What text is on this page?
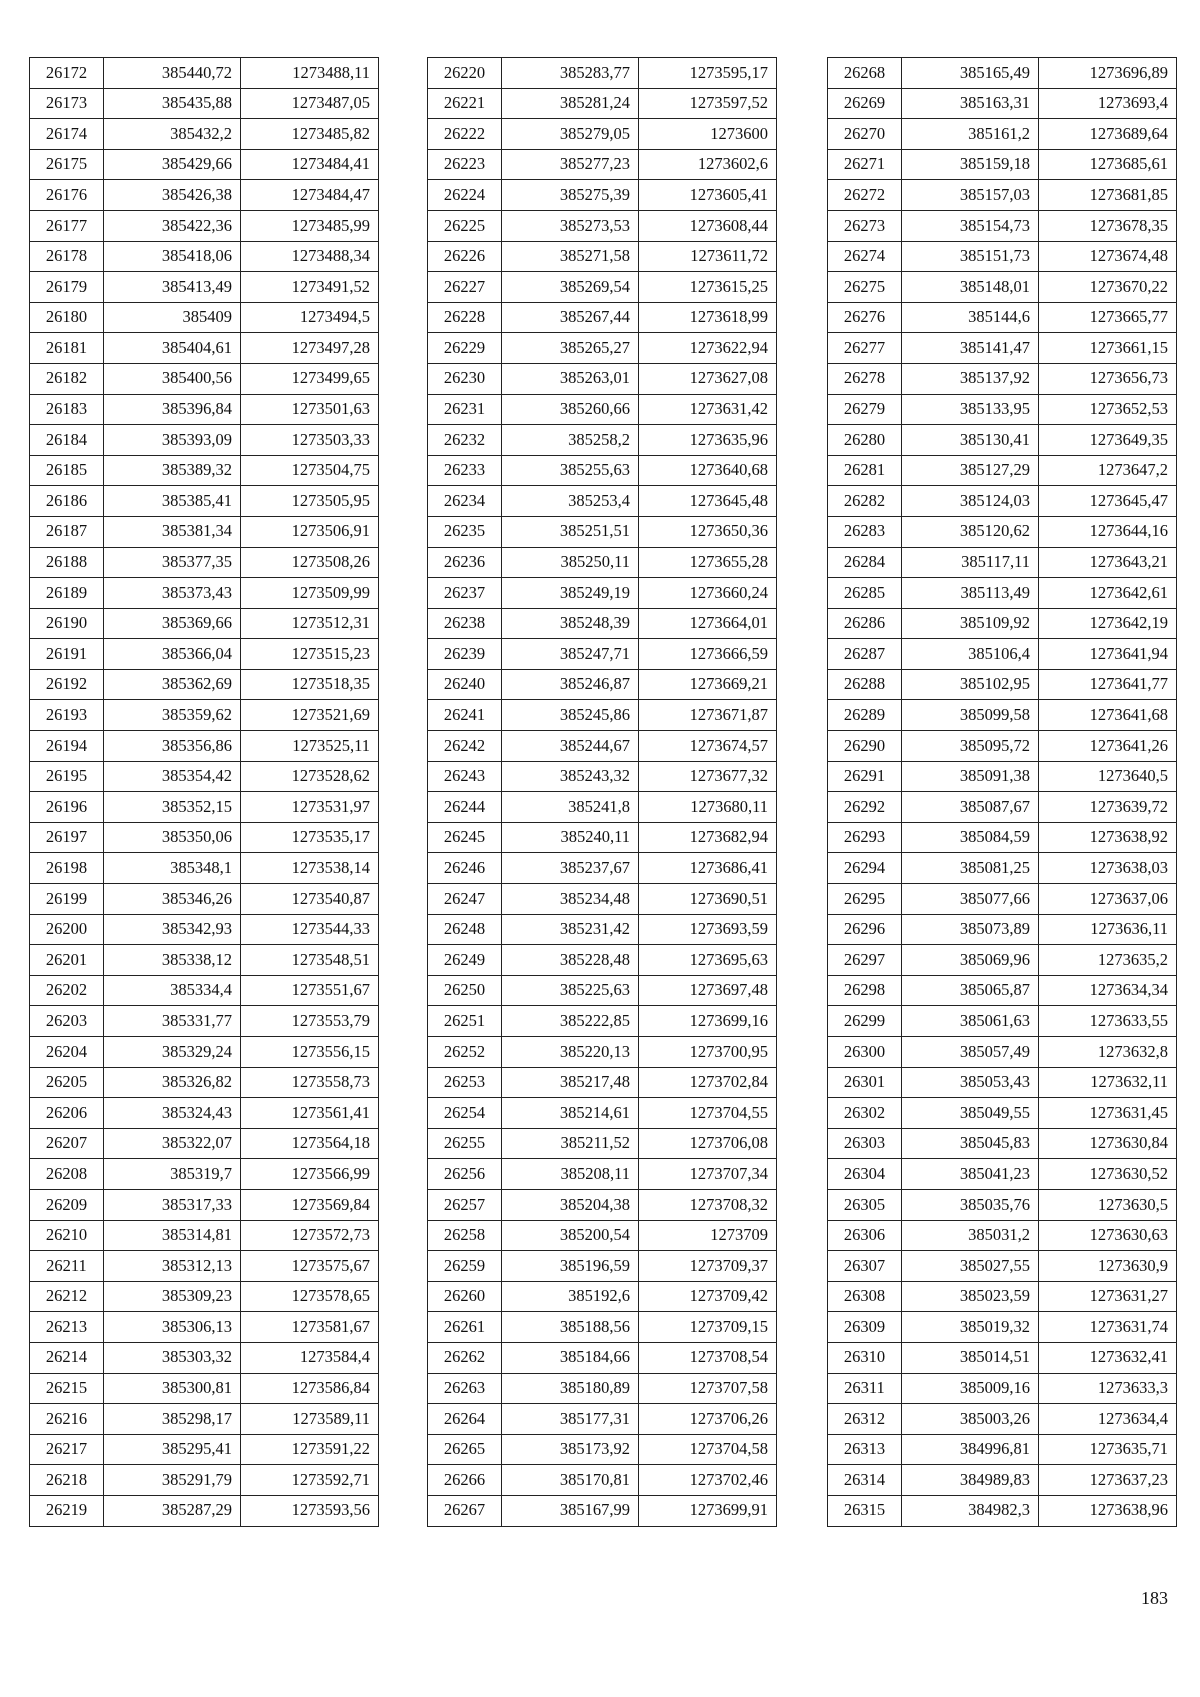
26172	385440,72	1273488,11
26173	385435,88	1273487,05
26174	385432,2	1273485,82
26175	385429,66	1273484,41
26176	385426,38	1273484,47
26177	385422,36	1273485,99
26178	385418,06	1273488,34
26179	385413,49	1273491,52
26180	385409	1273494,5
26181	385404,61	1273497,28
26182	385400,56	1273499,65
26183	385396,84	1273501,63
26184	385393,09	1273503,33
26185	385389,32	1273504,75
26186	385385,41	1273505,95
26187	385381,34	1273506,91
26188	385377,35	1273508,26
26189	385373,43	1273509,99
26190	385369,66	1273512,31
26191	385366,04	1273515,23
26192	385362,69	1273518,35
26193	385359,62	1273521,69
26194	385356,86	1273525,11
26195	385354,42	1273528,62
26196	385352,15	1273531,97
26197	385350,06	1273535,17
26198	385348,1	1273538,14
26199	385346,26	1273540,87
26200	385342,93	1273544,33
26201	385338,12	1273548,51
26202	385334,4	1273551,67
26203	385331,77	1273553,79
26204	385329,24	1273556,15
26205	385326,82	1273558,73
26206	385324,43	1273561,41
26207	385322,07	1273564,18
26208	385319,7	1273566,99
26209	385317,33	1273569,84
26210	385314,81	1273572,73
26211	385312,13	1273575,67
26212	385309,23	1273578,65
26213	385306,13	1273581,67
26214	385303,32	1273584,4
26215	385300,81	1273586,84
26216	385298,17	1273589,11
26217	385295,41	1273591,22
26218	385291,79	1273592,71
26219	385287,29	1273593,56
26220	385283,77	1273595,17
26221	385281,24	1273597,52
26222	385279,05	1273600
26223	385277,23	1273602,6
26224	385275,39	1273605,41
26225	385273,53	1273608,44
26226	385271,58	1273611,72
26227	385269,54	1273615,25
26228	385267,44	1273618,99
26229	385265,27	1273622,94
26230	385263,01	1273627,08
26231	385260,66	1273631,42
26232	385258,2	1273635,96
26233	385255,63	1273640,68
26234	385253,4	1273645,48
26235	385251,51	1273650,36
26236	385250,11	1273655,28
26237	385249,19	1273660,24
26238	385248,39	1273664,01
26239	385247,71	1273666,59
26240	385246,87	1273669,21
26241	385245,86	1273671,87
26242	385244,67	1273674,57
26243	385243,32	1273677,32
26244	385241,8	1273680,11
26245	385240,11	1273682,94
26246	385237,67	1273686,41
26247	385234,48	1273690,51
26248	385231,42	1273693,59
26249	385228,48	1273695,63
26250	385225,63	1273697,48
26251	385222,85	1273699,16
26252	385220,13	1273700,95
26253	385217,48	1273702,84
26254	385214,61	1273704,55
26255	385211,52	1273706,08
26256	385208,11	1273707,34
26257	385204,38	1273708,32
26258	385200,54	1273709
26259	385196,59	1273709,37
26260	385192,6	1273709,42
26261	385188,56	1273709,15
26262	385184,66	1273708,54
26263	385180,89	1273707,58
26264	385177,31	1273706,26
26265	385173,92	1273704,58
26266	385170,81	1273702,46
26267	385167,99	1273699,91
26268	385165,49	1273696,89
26269	385163,31	1273693,4
26270	385161,2	1273689,64
26271	385159,18	1273685,61
26272	385157,03	1273681,85
26273	385154,73	1273678,35
26274	385151,73	1273674,48
26275	385148,01	1273670,22
26276	385144,6	1273665,77
26277	385141,47	1273661,15
26278	385137,92	1273656,73
26279	385133,95	1273652,53
26280	385130,41	1273649,35
26281	385127,29	1273647,2
26282	385124,03	1273645,47
26283	385120,62	1273644,16
26284	385117,11	1273643,21
26285	385113,49	1273642,61
26286	385109,92	1273642,19
26287	385106,4	1273641,94
26288	385102,95	1273641,77
26289	385099,58	1273641,68
26290	385095,72	1273641,26
26291	385091,38	1273640,5
26292	385087,67	1273639,72
26293	385084,59	1273638,92
26294	385081,25	1273638,03
26295	385077,66	1273637,06
26296	385073,89	1273636,11
26297	385069,96	1273635,2
26298	385065,87	1273634,34
26299	385061,63	1273633,55
26300	385057,49	1273632,8
26301	385053,43	1273632,11
26302	385049,55	1273631,45
26303	385045,83	1273630,84
26304	385041,23	1273630,52
26305	385035,76	1273630,5
26306	385031,2	1273630,63
26307	385027,55	1273630,9
26308	385023,59	1273631,27
26309	385019,32	1273631,74
26310	385014,51	1273632,41
26311	385009,16	1273633,3
26312	385003,26	1273634,4
26313	384996,81	1273635,71
26314	384989,83	1273637,23
26315	384982,3	1273638,96
183
